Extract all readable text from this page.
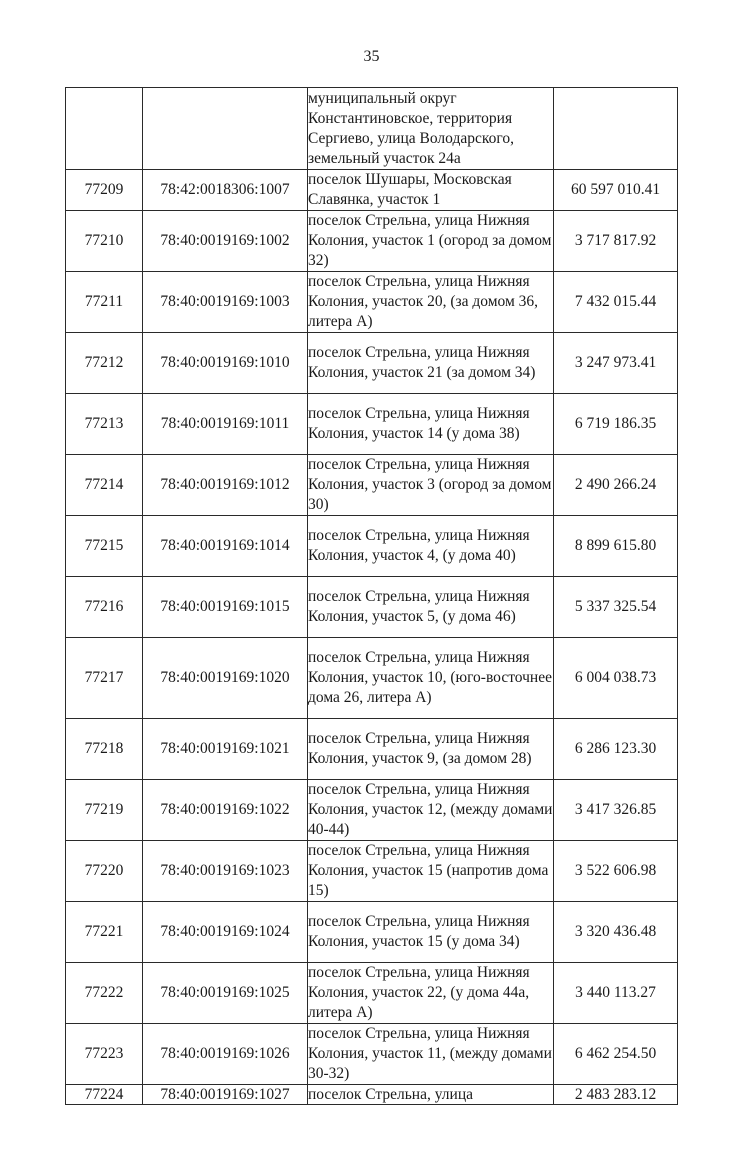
35
		муниципальный округ Константиновское, территория Сергиево, улица Володарского, земельный участок 24а	
77209	78:42:0018306:1007	поселок Шушары, Московская Славянка, участок 1	60 597 010.41
77210	78:40:0019169:1002	поселок Стрельна, улица Нижняя Колония, участок 1 (огород за домом 32)	3 717 817.92
77211	78:40:0019169:1003	поселок Стрельна, улица Нижняя Колония, участок 20, (за домом 36, литера А)	7 432 015.44
77212	78:40:0019169:1010	поселок Стрельна, улица Нижняя Колония, участок 21 (за домом 34)	3 247 973.41
77213	78:40:0019169:1011	поселок Стрельна, улица Нижняя Колония, участок 14 (у дома 38)	6 719 186.35
77214	78:40:0019169:1012	поселок Стрельна, улица Нижняя Колония, участок 3 (огород за домом 30)	2 490 266.24
77215	78:40:0019169:1014	поселок Стрельна, улица Нижняя Колония, участок 4, (у дома 40)	8 899 615.80
77216	78:40:0019169:1015	поселок Стрельна, улица Нижняя Колония, участок 5, (у дома 46)	5 337 325.54
77217	78:40:0019169:1020	поселок Стрельна, улица Нижняя Колония, участок 10, (юго-восточнее дома 26, литера А)	6 004 038.73
77218	78:40:0019169:1021	поселок Стрельна, улица Нижняя Колония, участок 9, (за домом 28)	6 286 123.30
77219	78:40:0019169:1022	поселок Стрельна, улица Нижняя Колония, участок 12, (между домами 40-44)	3 417 326.85
77220	78:40:0019169:1023	поселок Стрельна, улица Нижняя Колония, участок 15 (напротив дома 15)	3 522 606.98
77221	78:40:0019169:1024	поселок Стрельна, улица Нижняя Колония, участок 15 (у дома 34)	3 320 436.48
77222	78:40:0019169:1025	поселок Стрельна, улица Нижняя Колония, участок 22, (у дома 44а, литера А)	3 440 113.27
77223	78:40:0019169:1026	поселок Стрельна, улица Нижняя Колония, участок 11, (между домами 30-32)	6 462 254.50
77224	78:40:0019169:1027	поселок Стрельна, улица	2 483 283.12
